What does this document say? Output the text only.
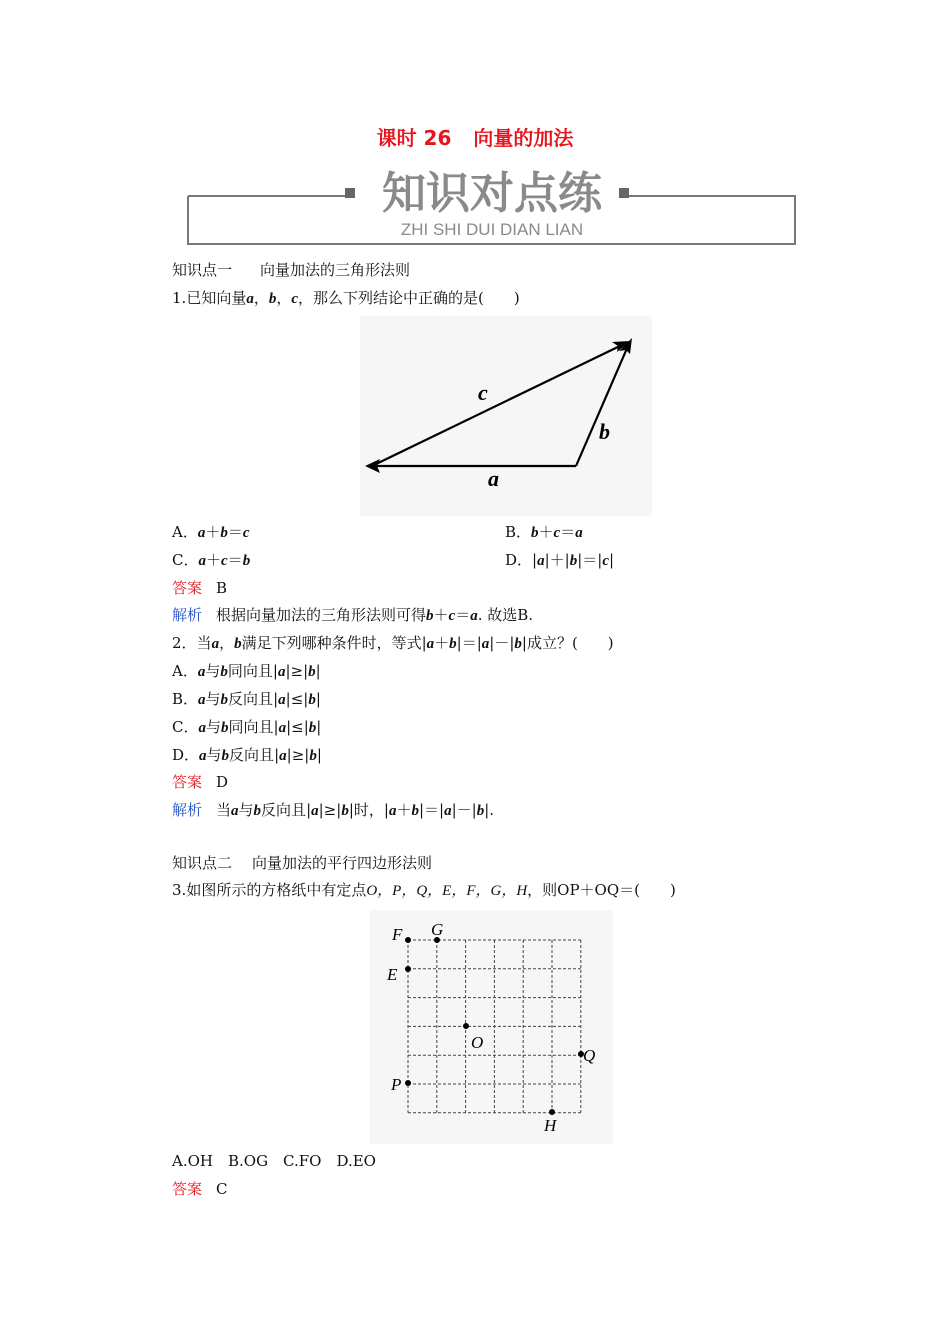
课时 26 向量的加法
知识对点练
ZHI SHI DUI DIAN LIAN
知识点一 向量加法的三角形法则
1.已知向量a，b，c，那么下列结论中正确的是(　　)
a
b
c
A．a＋b＝c	B．b＋c＝a
C．a＋c＝b	D．|a|＋|b|＝|c|
答案 B
解析 根据向量加法的三角形法则可得b＋c＝a. 故选B.
2．当a，b满足下列哪种条件时，等式|a＋b|＝|a|－|b|成立？(　　)
A．a与b同向且|a|≥|b|
B．a与b反向且|a|≤|b|
C．a与b同向且|a|≤|b|
D．a与b反向且|a|≥|b|
答案 D
解析 当a与b反向且|a|≥|b|时，|a＋b|＝|a|－|b|.
知识点二 向量加法的平行四边形法则
3.如图所示的方格纸中有定点O，P，Q，E，F，G，H，则OP＋OQ＝(　　)
F G
E
O
Q
P
H
A.OH　B.OG　C.FO　D.EO
答案 C
